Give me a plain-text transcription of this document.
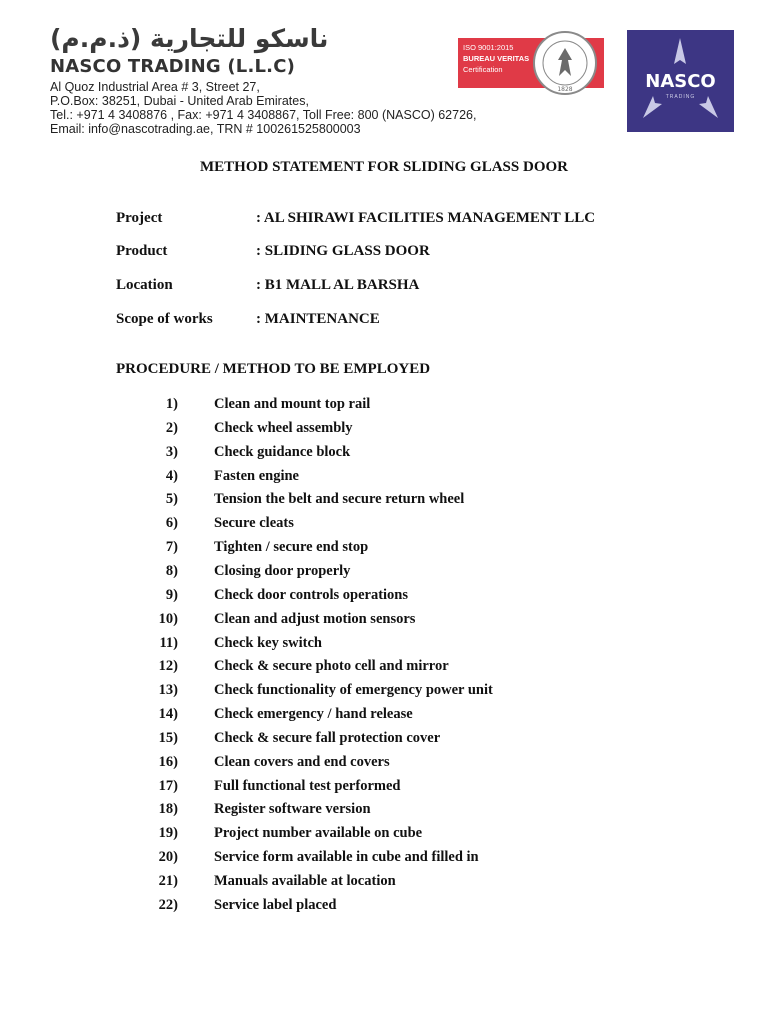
ناسكو للتجارية (ذ.م.م)
NASCO TRADING (L.L.C)
Al Quoz Industrial Area # 3, Street 27,
P.O.Box: 38251, Dubai - United Arab Emirates,
Tel.: +971 4 3408876 , Fax: +971 4 3408867, Toll Free: 800 (NASCO) 62726,
Email: info@nascotrading.ae, TRN # 100261525800003
ISO 9001:2015
BUREAU VERITAS
Certification
1828	NASCO
TRADING
METHOD STATEMENT FOR SLIDING GLASS DOOR
Project	: AL SHIRAWI FACILITIES MANAGEMENT LLC
Product	: SLIDING GLASS DOOR
Location	: B1 MALL AL BARSHA
Scope of works	: MAINTENANCE
PROCEDURE / METHOD TO BE EMPLOYED
1) Clean and mount top rail
2) Check wheel assembly
3) Check guidance block
4) Fasten engine
5) Tension the belt and secure return wheel
6) Secure cleats
7) Tighten / secure end stop
8) Closing door properly
9) Check door controls operations
10) Clean and adjust motion sensors
11) Check key switch
12) Check & secure photo cell and mirror
13) Check functionality of emergency power unit
14) Check emergency / hand release
15) Check & secure fall protection cover
16) Clean covers and end covers
17) Full functional test performed
18) Register software version
19) Project number available on cube
20) Service form available in cube and filled in
21) Manuals available at location
22) Service label placed
